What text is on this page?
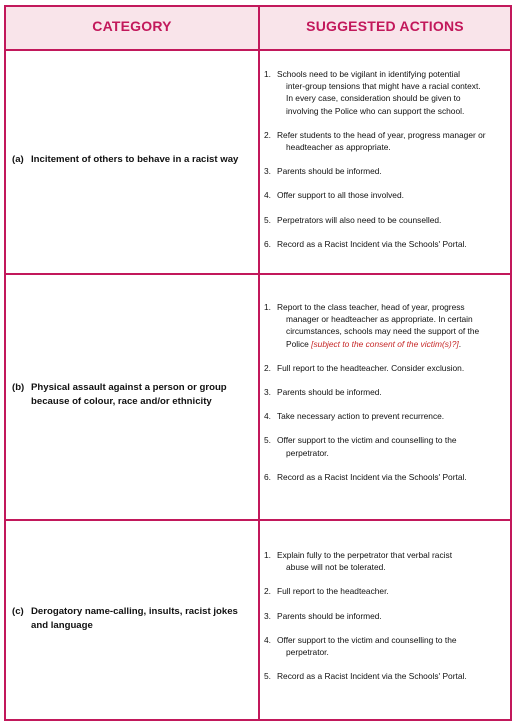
CATEGORY	SUGGESTED ACTIONS
(a) Incitement of others to behave in a racist way
1. Schools need to be vigilant in identifying potential
inter-group tensions that might have a racial context.
In every case, consideration should be given to
involving the Police who can support the school.
2. Refer students to the head of year, progress manager or
headteacher as appropriate.
3. Parents should be informed.
4. Offer support to all those involved.
5. Perpetrators will also need to be counselled.
6. Record as a Racist Incident via the Schools' Portal.
(b) Physical assault against a person or group
because of colour, race and/or ethnicity
1. Report to the class teacher, head of year, progress
manager or headteacher as appropriate. In certain
circumstances, schools may need the support of the
Police [subject to the consent of the victim(s)?].
2. Full report to the headteacher. Consider exclusion.
3. Parents should be informed.
4. Take necessary action to prevent recurrence.
5. Offer support to the victim and counselling to the
perpetrator.
6. Record as a Racist Incident via the Schools' Portal.
(c) Derogatory name-calling, insults, racist jokes
and language
1. Explain fully to the perpetrator that verbal racist
abuse will not be tolerated.
2. Full report to the headteacher.
3. Parents should be informed.
4. Offer support to the victim and counselling to the
perpetrator.
5. Record as a Racist Incident via the Schools' Portal.
